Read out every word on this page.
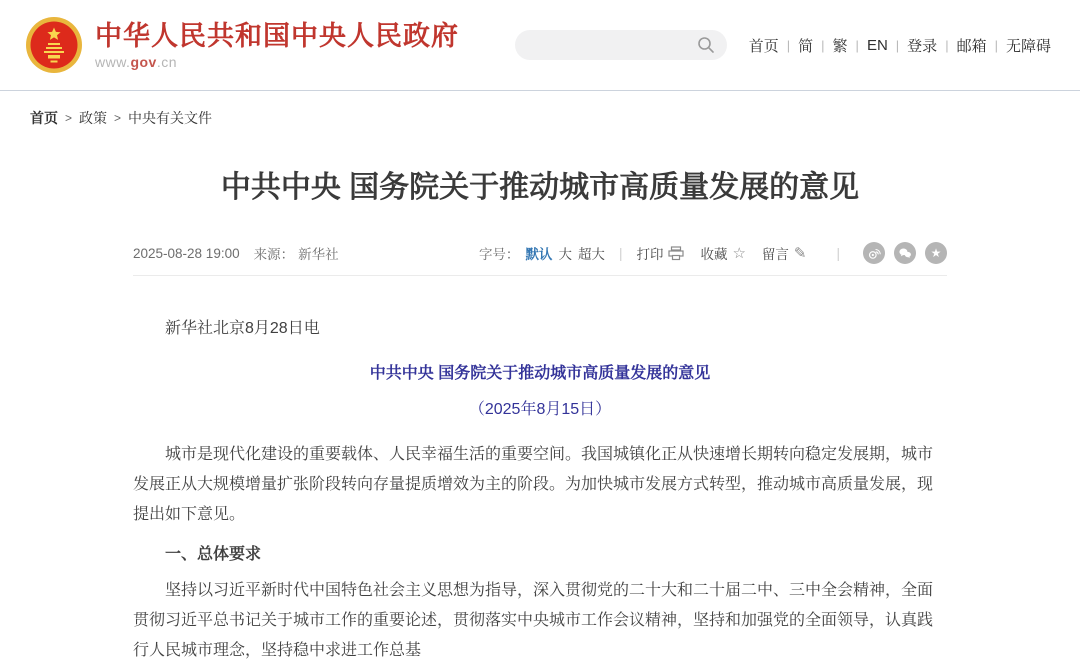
中华人民共和国中央人民政府
www.gov.cn
首页 | 简 | 繁 | EN | 登录 | 邮箱 | 无障碍
首页 > 政策 > 中央有关文件
中共中央 国务院关于推动城市高质量发展的意见
2025-08-28 19:00 来源： 新华社	字号： 默认 大 超大 | 打印	收藏 ☆ 留言 ✎ |	★

新华社北京8月28日电

中共中央 国务院关于推动城市高质量发展的意见

（2025年8月15日）

城市是现代化建设的重要载体、人民幸福生活的重要空间。我国城镇化正从快速增长期转向稳定发展期，城市发展正从大规模增量扩张阶段转向存量提质增效为主的阶段。为加快城市发展方式转型，推动城市高质量发展，现提出如下意见。

一、总体要求

坚持以习近平新时代中国特色社会主义思想为指导，深入贯彻党的二十大和二十届二中、三中全会精神，全面贯彻习近平总书记关于城市工作的重要论述，贯彻落实中央城市工作会议精神，坚持和加强党的全面领导，认真践行人民城市理念，坚持稳中求进工作总基
